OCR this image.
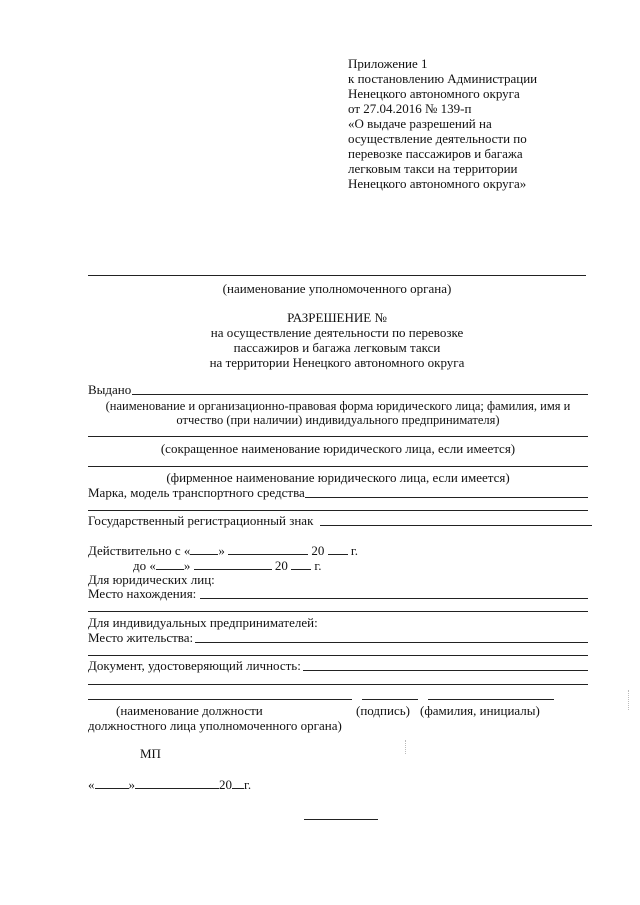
Приложение 1
к постановлению Администрации
Ненецкого автономного округа
от 27.04.2016 № 139-п
«О выдаче разрешений на
осуществление деятельности по
перевозке пассажиров и багажа
легковым такси на территории
Ненецкого автономного округа»
(наименование уполномоченного органа)
РАЗРЕШЕНИЕ №
на осуществление деятельности по перевозке
пассажиров и багажа легковым такси
на территории Ненецкого автономного округа
Выдано
(наименование и организационно-правовая форма юридического лица; фамилия, имя и
отчество (при наличии) индивидуального предпринимателя)
(сокращенное наименование юридического лица, если имеется)
(фирменное наименование юридического лица, если имеется)
Марка, модель транспортного средства
Государственный регистрационный знак
Действительно с « »	20 г.
до « »	20 г.
Для юридических лиц:
Место нахождения:
Для индивидуальных предпринимателей:
Место жительства:
Документ, удостоверяющий личность:
(наименование должности	(подпись) (фамилия, инициалы)
должностного лица уполномоченного органа)
МП
«	»	20 г.
